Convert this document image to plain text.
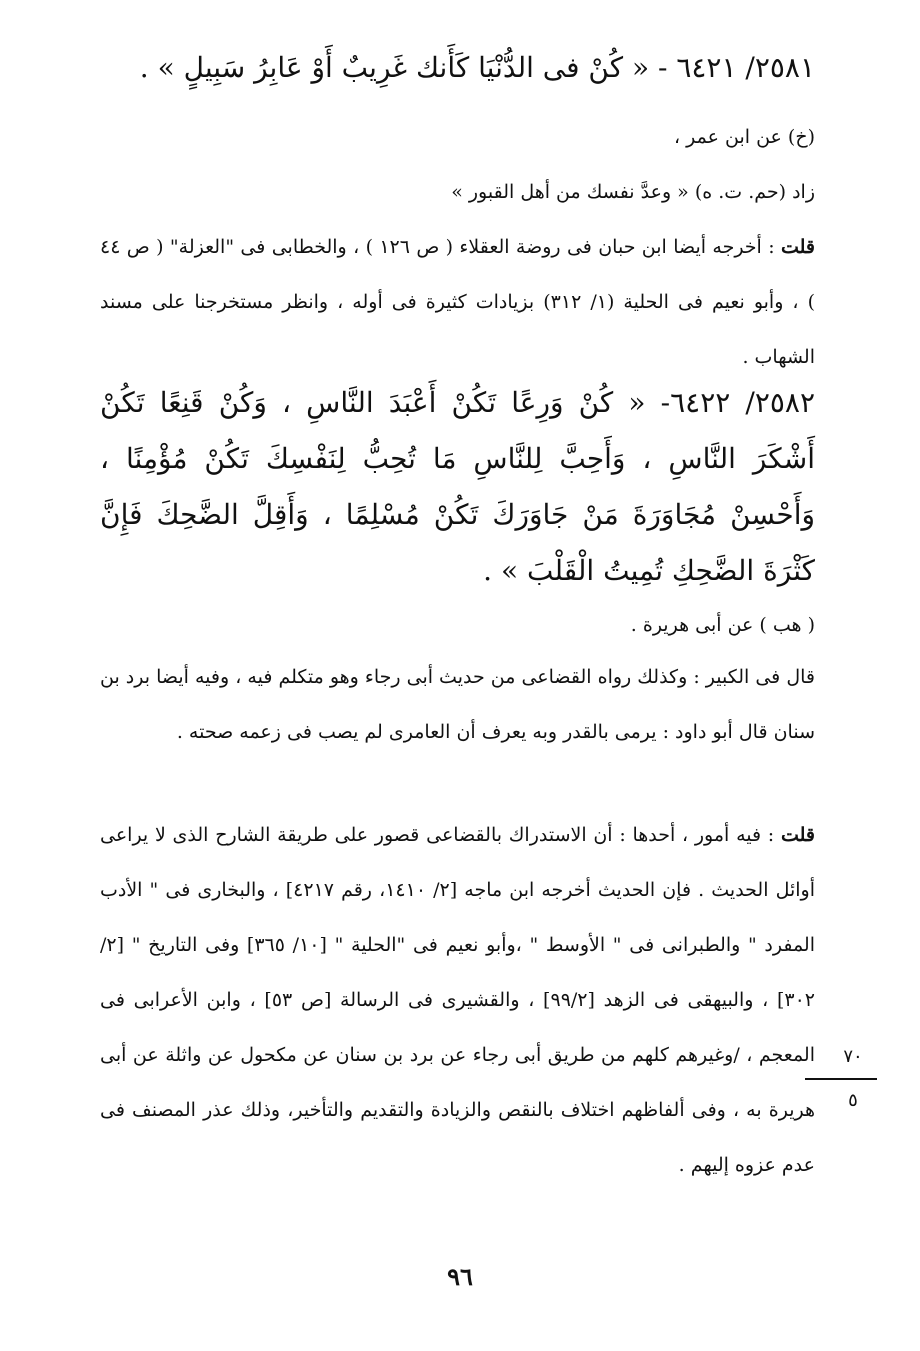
٢٥٨١/ ٦٤٢١ - « كُنْ فى الدُّنْيَا كَأَنك غَرِيبٌ أَوْ عَابِرُ سَبِيلٍ » .
(خ) عن ابن عمر ،
زاد (حم. ت. ه) « وعدَّ نفسك من أهل القبور »
قلت : أخرجه أيضا ابن حبان فى روضة العقلاء ( ص ١٢٦ ) ، والخطابى فى "العزلة" ( ص ٤٤ ) ، وأبو نعيم فى الحلية (١/ ٣١٢) بزيادات كثيرة فى أوله ، وانظر مستخرجنا على مسند الشهاب .
٢٥٨٢/ ٦٤٢٢- « كُنْ وَرِعًا تَكُنْ أَعْبَدَ النَّاسِ ، وَكُنْ قَنِعًا تَكُنْ أَشْكَرَ النَّاسِ ، وَأَحِبَّ لِلنَّاسِ مَا تُحِبُّ لِنَفْسِكَ تَكُنْ مُؤْمِنًا ، وَأَحْسِنْ مُجَاوَرَةَ مَنْ جَاوَرَكَ تَكُنْ مُسْلِمًا ، وَأَقِلَّ الضَّحِكَ فَإِنَّ كَثْرَةَ الضَّحِكِ تُمِيتُ الْقَلْبَ » .
( هب ) عن أبى هريرة .
قال فى الكبير : وكذلك رواه القضاعى من حديث أبى رجاء وهو متكلم فيه ، وفيه أيضا برد بن سنان قال أبو داود : يرمى بالقدر وبه يعرف أن العامرى لم يصب فى زعمه صحته .
قلت : فيه أمور ، أحدها : أن الاستدراك بالقضاعى قصور على طريقة الشارح الذى لا يراعى أوائل الحديث . فإن الحديث أخرجه ابن ماجه [٢/ ١٤١٠، رقم ٤٢١٧] ، والبخارى فى " الأدب المفرد " والطبرانى فى " الأوسط " ،وأبو نعيم فى "الحلية " [١٠/ ٣٦٥] وفى التاريخ " [٢/ ٣٠٢] ، والبيهقى فى الزهد [٩٩/٢] ، والقشيرى فى الرسالة [ص ٥٣] ، وابن الأعرابى فى المعجم ، /وغيرهم كلهم من طريق أبى رجاء عن برد بن سنان عن مكحول عن واثلة عن أبى هريرة به ، وفى ألفاظهم اختلاف بالنقص والزيادة والتقديم والتأخير، وذلك عذر المصنف فى عدم عزوه إليهم .
٧٠
٥
٩٦
